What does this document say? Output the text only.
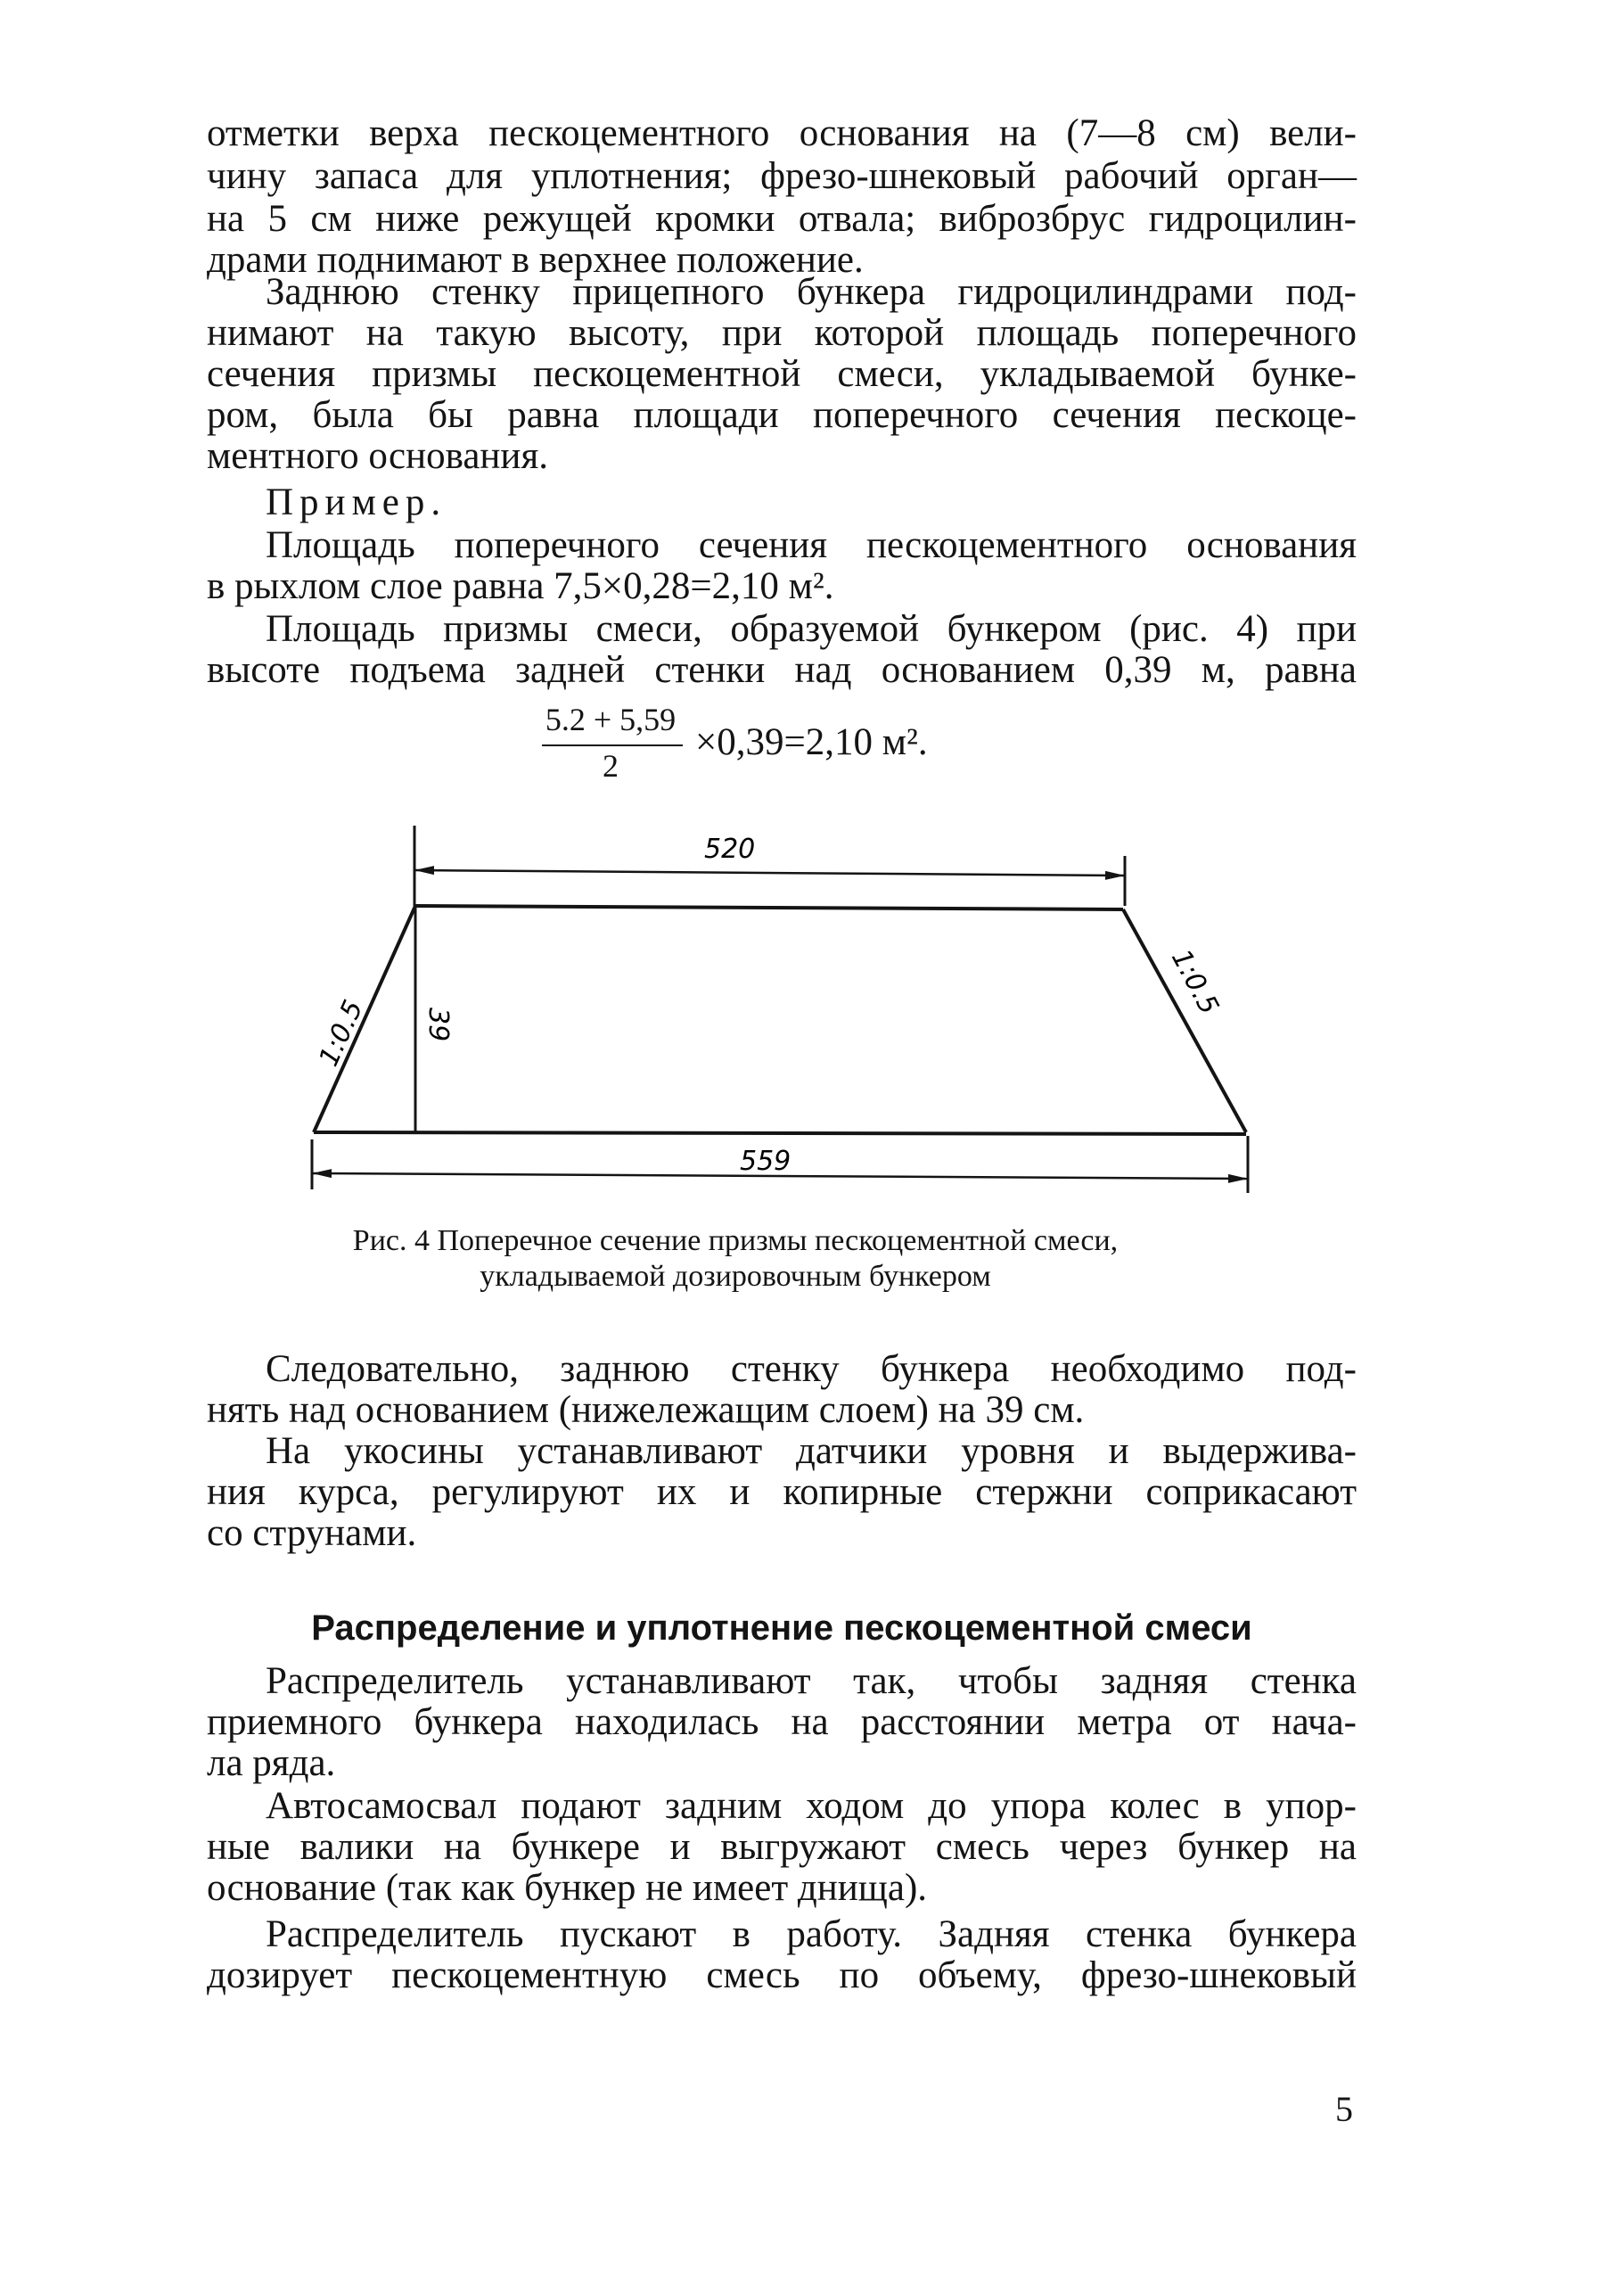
отметки верха пескоцементного основания на (7—8 см) вели-
чину запаса для уплотнения; фрезо-шнековый рабочий орган—
на 5 см ниже режущей кромки отвала; виброзбрус гидроцилин-
драми поднимают в верхнее положение.
Заднюю стенку прицепного бункера гидроцилиндрами под-
нимают на такую высоту, при которой площадь поперечного
сечения призмы пескоцементной смеси, укладываемой бунке-
ром, была бы равна площади поперечного сечения пескоце-
ментного основания.
Пример.
Площадь поперечного сечения пескоцементного основания
в рыхлом слое равна 7,5×0,28=2,10 м².
Площадь призмы смеси, образуемой бункером (рис. 4) при
высоте подъема задней стенки над основанием 0,39 м, равна
5.2 + 5,59
2
×0,39=2,10 м².
520
39
1:0.5
1:0.5
559
Рис. 4 Поперечное сечение призмы пескоцементной смеси,
укладываемой дозировочным бункером
Следовательно, заднюю стенку бункера необходимо под-
нять над основанием (нижележащим слоем) на 39 см.
На укосины устанавливают датчики уровня и выдержива-
ния курса, регулируют их и копирные стержни соприкасают
со струнами.
Распределение и уплотнение пескоцементной смеси
Распределитель устанавливают так, чтобы задняя стенка
приемного бункера находилась на расстоянии метра от нача-
ла ряда.
Автосамосвал подают задним ходом до упора колес в упор-
ные валики на бункере и выгружают смесь через бункер на
основание (так как бункер не имеет днища).
Распределитель пускают в работу. Задняя стенка бункера
дозирует пескоцементную смесь по объему, фрезо-шнековый
5
